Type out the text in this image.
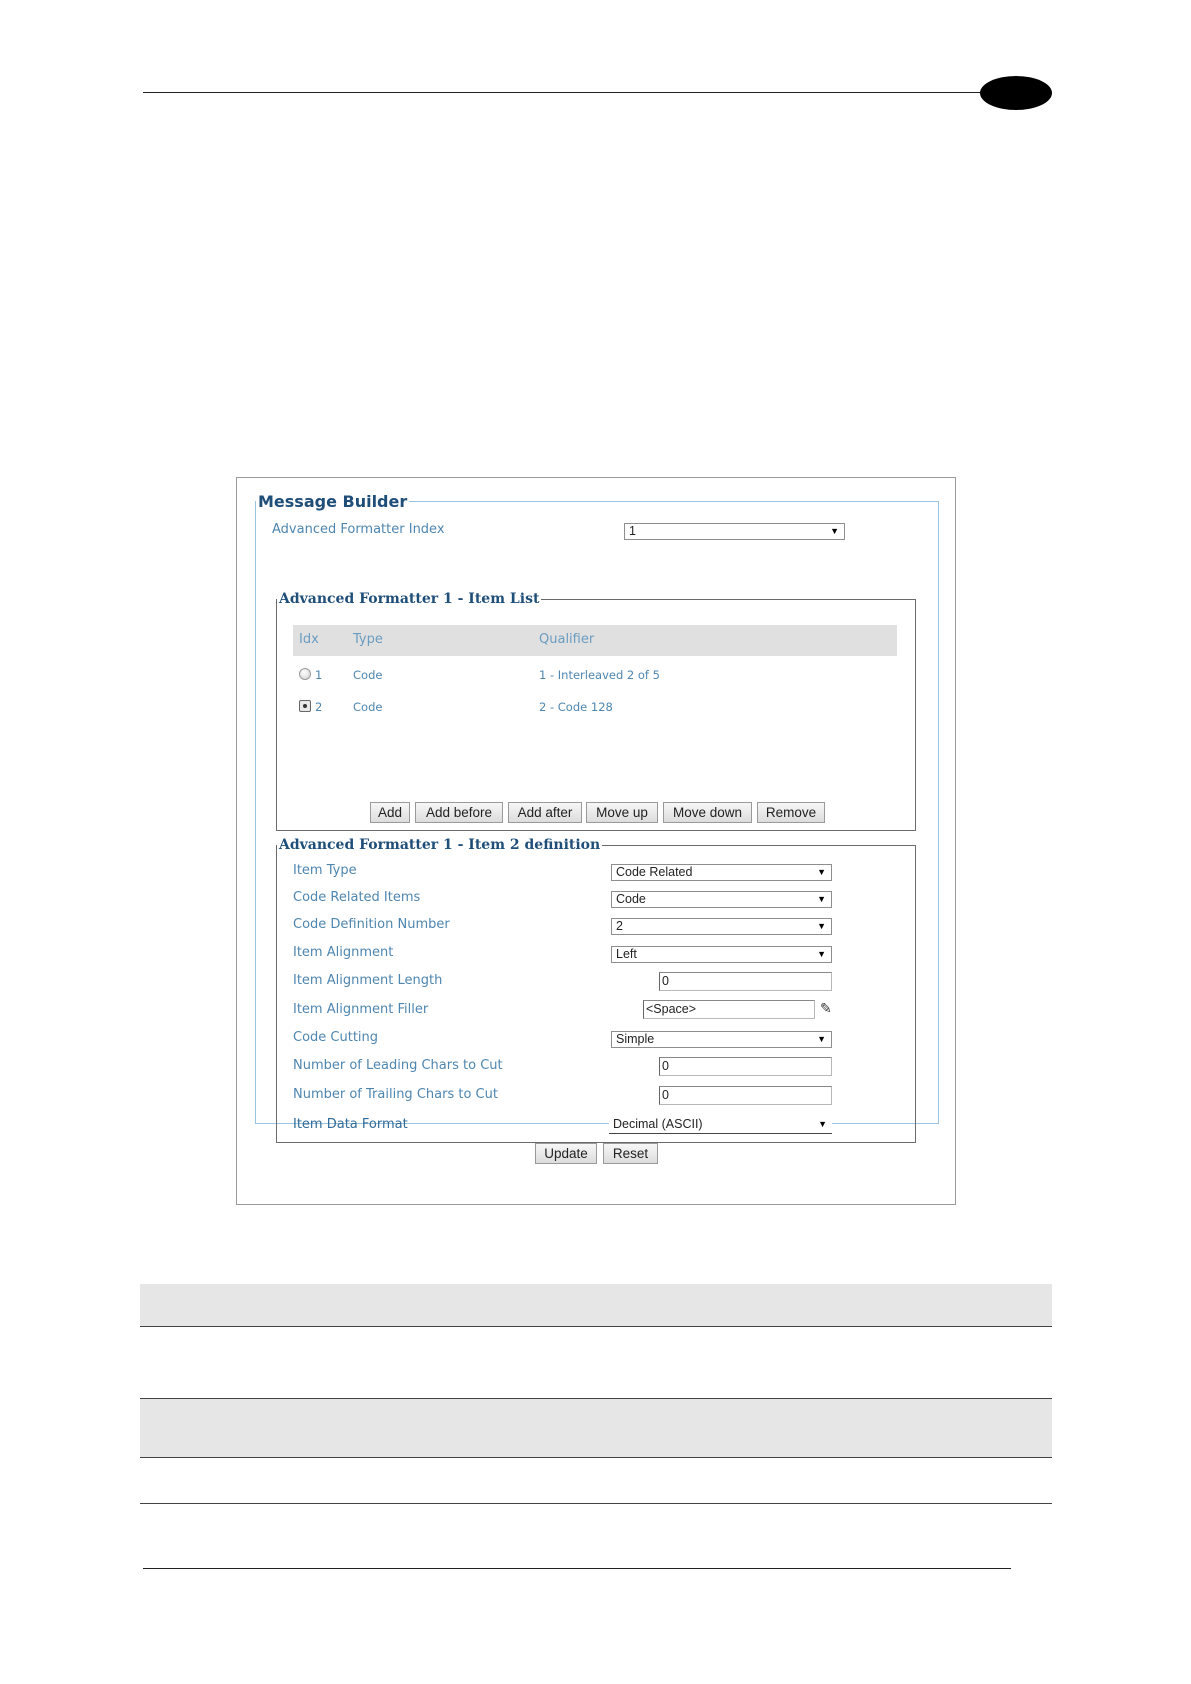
Message Builder
Advanced Formatter Index	1	▼
Advanced Formatter 1 - Item List
Idx	Type	Qualifier
1	Code	1 - Interleaved 2 of 5
2	Code	2 - Code 128
Add	Add before	Add after	Move up	Move down	Remove
Advanced Formatter 1 - Item 2 definition
Item Type	Code Related	▼
Code Related Items	Code	▼
Code Definition Number	2	▼
Item Alignment	Left	▼
Item Alignment Length	0
Item Alignment Filler	<Space>	✎
Code Cutting	Simple	▼
Number of Leading Chars to Cut	0
Number of Trailing Chars to Cut	0
Item Data Format	Decimal (ASCII)	▼
Update	Reset
